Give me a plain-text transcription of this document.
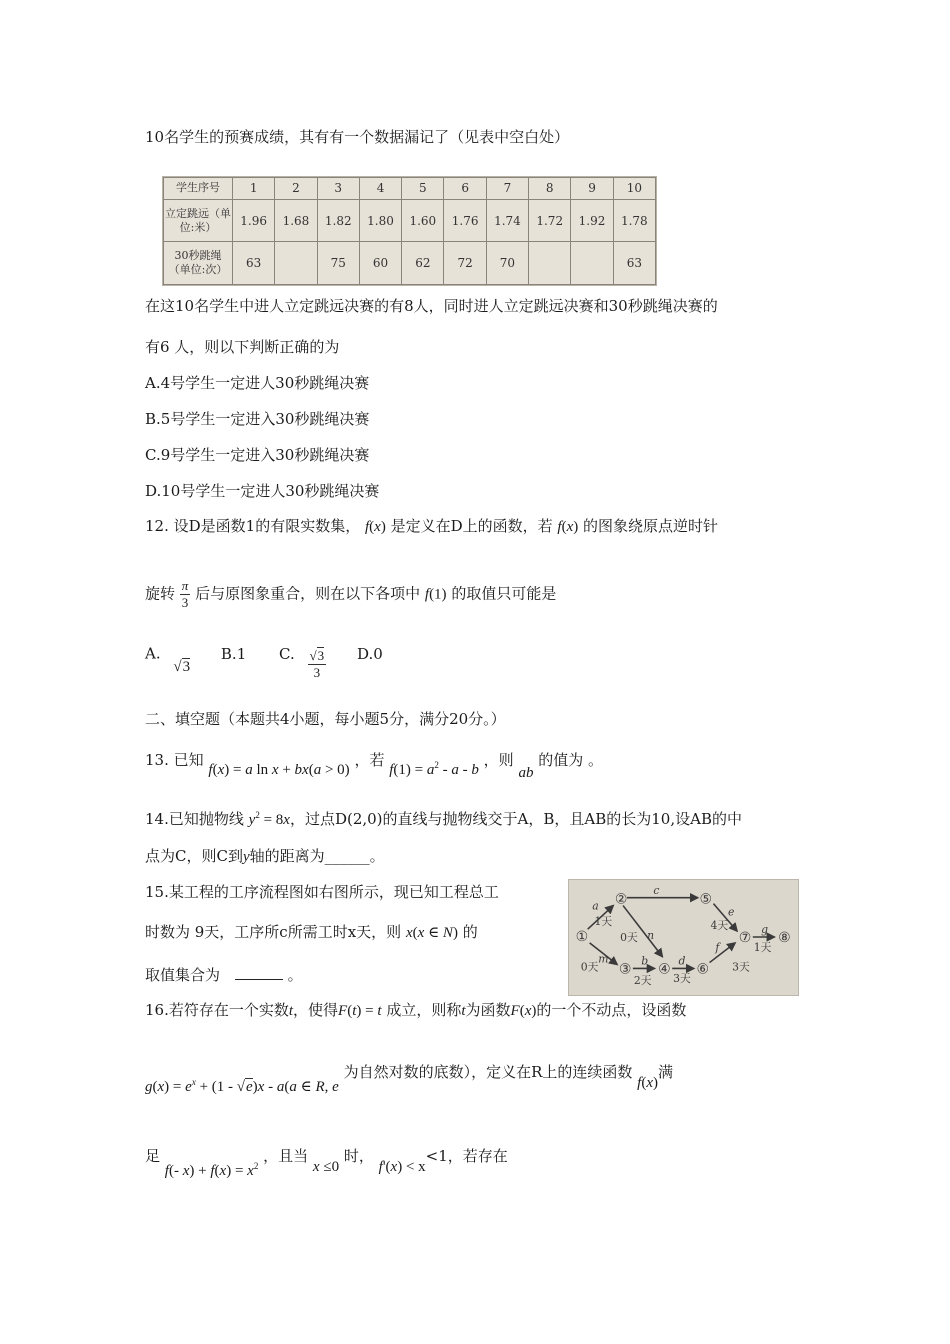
10名学生的预赛成绩，其有有一个数据漏记了（见表中空白处）
学生序号	1	2	3	4	5	6	7	8	9	10
立定跳远（单位:米）	1.96	1.68	1.82	1.80	1.60	1.76	1.74	1.72	1.92	1.78
30秒跳绳（单位:次）	63		75	60	62	72	70			63
在这10名学生中进人立定跳远决赛的有8人，同时进人立定跳远决赛和30秒跳绳决赛的
有6 人，则以下判断正确的为
A.4号学生一定进人30秒跳绳决赛
B.5号学生一定进入30秒跳绳决赛
C.9号学生一定进入30秒跳绳决赛
D.10号学生一定进人30秒跳绳决赛
12. 设D是函数1的有限实数集， f(x) 是定义在D上的函数，若 f(x) 的图象绕原点逆时针
旋转 $\frac{\pi}{3}$ 后与原图象重合，则在以下各项中 f(1) 的取值只可能是
A. √3 B.1 C. $\frac{√3}{3} D.0$
二、填空题（本题共4小题，每小题5分，满分20分。）
13. 已知 f(x) = a ln x + bx(a > 0) ，若 $f(1) = a^2 - a - b$ ，则 ab 的值为 。
14.已知抛物线 $y^2 = 8x$，过点D(2,0)的直线与抛物线交于A，B，且AB的长为10,设AB的中
点为C，则C到y轴的距离为______。
15.某工程的工序流程图如右图所示，现已知工程总工
时数为 9天，工序所c所需工时x天，则 x(x ∈ N) 的
取值集合为	。
①
②
③ ④
⑤
⑥
⑦ ⑧
a
1天
c
e
4天
0天 n
m
0天	b
2天
d
3天
f
3天
g
1天
16.若符存在一个实数t，使得F(t) = t 成立，则称t为函数F(x)的一个不动点，设函数
$g(x) = e^x + (1 - √e)x - a(a$ ∈ R, e 为自然对数的底数），定义在R上的连续函数 f(x)满
足 f(- $x) + f(x) = x^2$ ，且当 x ≤0 时， f'(x) < x<1，若存在
